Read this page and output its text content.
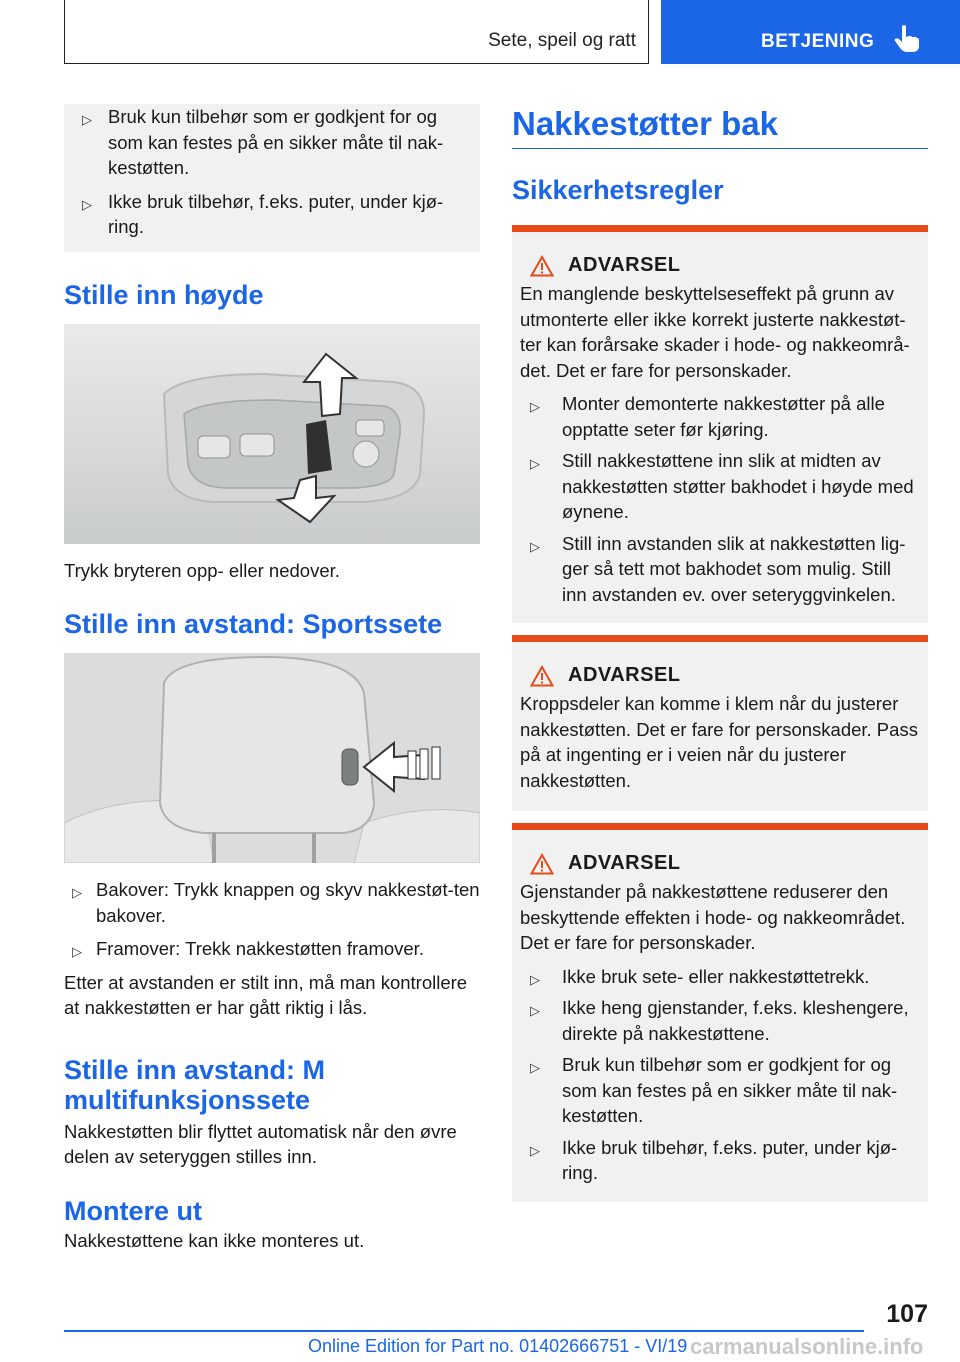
Sete, speil og ratt	BETJENING
▷ Bruk kun tilbehør som er godkjent for og som kan festes på en sikker måte til nak-kestøtten.
▷ Ikke bruk tilbehør, f.eks. puter, under kjø-ring.
Stille inn høyde

Trykk bryteren opp- eller nedover.

Stille inn avstand: Sportssete
▷ Bakover: Trykk knappen og skyv nakkestøt-ten bakover.
▷ Framover: Trekk nakkestøtten framover.

Etter at avstanden er stilt inn, må man kontrollere at nakkestøtten er har gått riktig i lås.

Stille inn avstand: M multifunksjonssete

Nakkestøtten blir flyttet automatisk når den øvre delen av seteryggen stilles inn.

Montere ut

Nakkestøttene kan ikke monteres ut.

Nakkestøtter bak
Sikkerhetsregler
ADVARSEL

En manglende beskyttelseseffekt på grunn av utmonterte eller ikke korrekt justerte nakkestøt-ter kan forårsake skader i hode- og nakkeområ-det. Det er fare for personskader.

▷ Monter demonterte nakkestøtter på alle opptatte seter før kjøring.
▷ Still nakkestøttene inn slik at midten av nakkestøtten støtter bakhodet i høyde med øynene.
▷ Still inn avstanden slik at nakkestøtten lig-ger så tett mot bakhodet som mulig. Still inn avstanden ev. over seteryggvinkelen.
ADVARSEL

Kroppsdeler kan komme i klem når du justerer nakkestøtten. Det er fare for personskader. Pass på at ingenting er i veien når du justerer nakkestøtten.

ADVARSEL

Gjenstander på nakkestøttene reduserer den beskyttende effekten i hode- og nakkeområdet. Det er fare for personskader.

▷ Ikke bruk sete- eller nakkestøttetrekk.
▷ Ikke heng gjenstander, f.eks. kleshengere, direkte på nakkestøttene.
▷ Bruk kun tilbehør som er godkjent for og som kan festes på en sikker måte til nak-kestøtten.
▷ Ikke bruk tilbehør, f.eks. puter, under kjø-ring.
107
Online Edition for Part no. 01402666751 - VI/19 carmanualsonline.info
